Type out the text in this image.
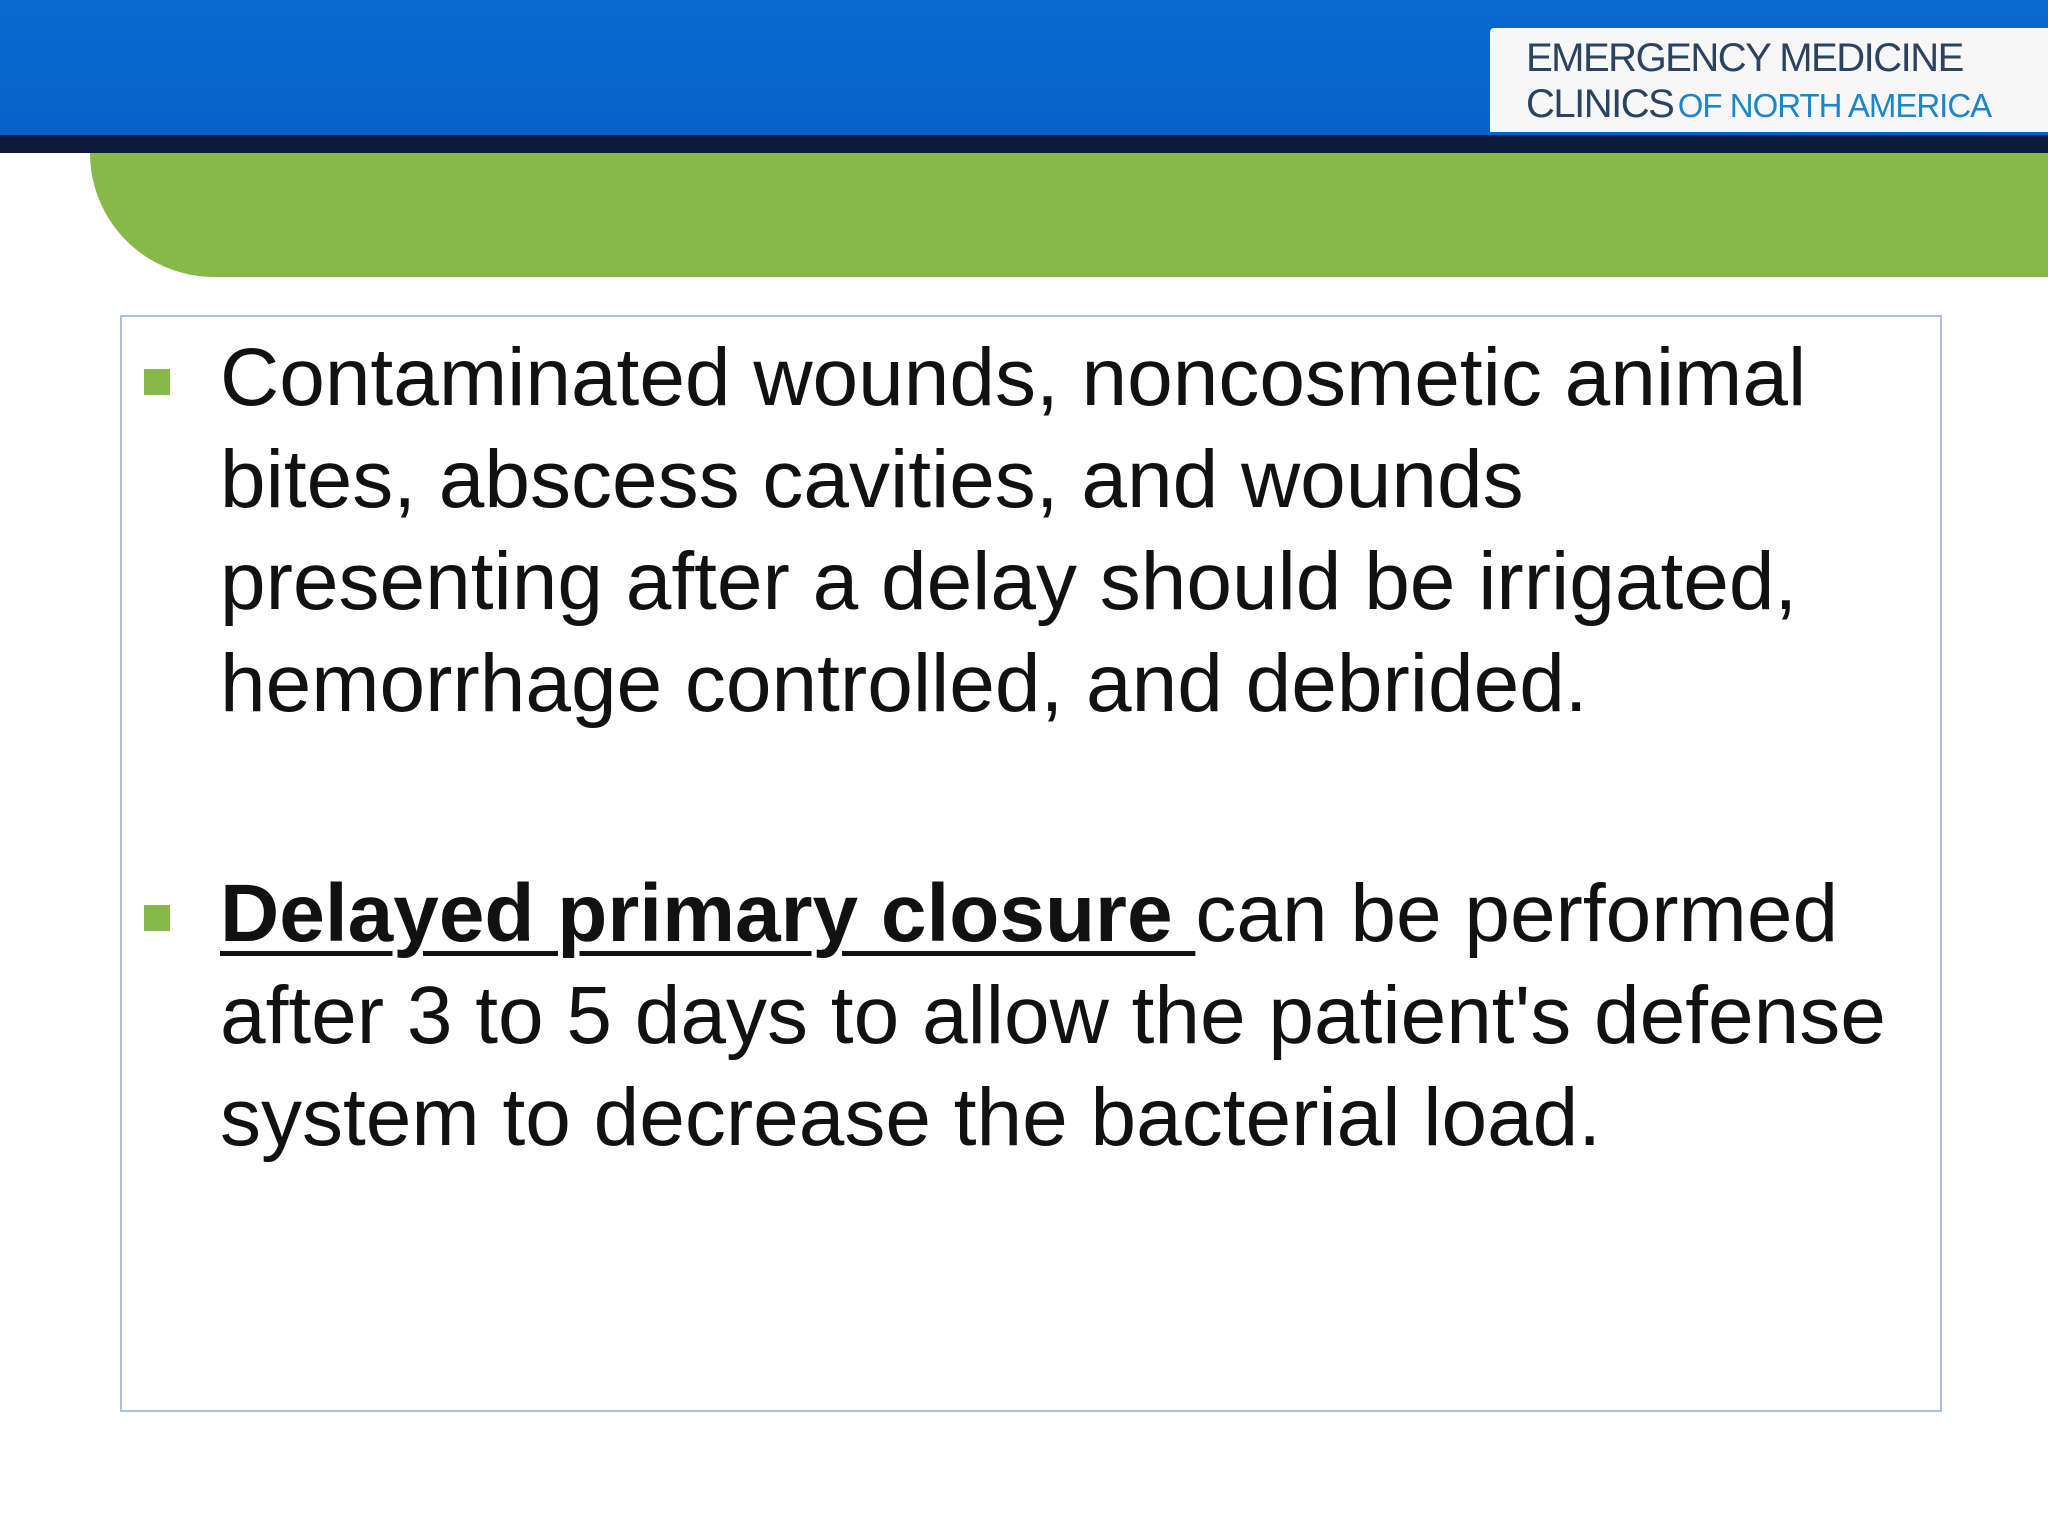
EMERGENCY MEDICINE
CLINICS OF NORTH AMERICA
Contaminated wounds, noncosmetic animal bites, abscess cavities, and wounds presenting after a delay should be irrigated, hemorrhage controlled, and debrided.
Delayed primary closure can be performed after 3 to 5 days to allow the patient's defense system to decrease the bacterial load.
